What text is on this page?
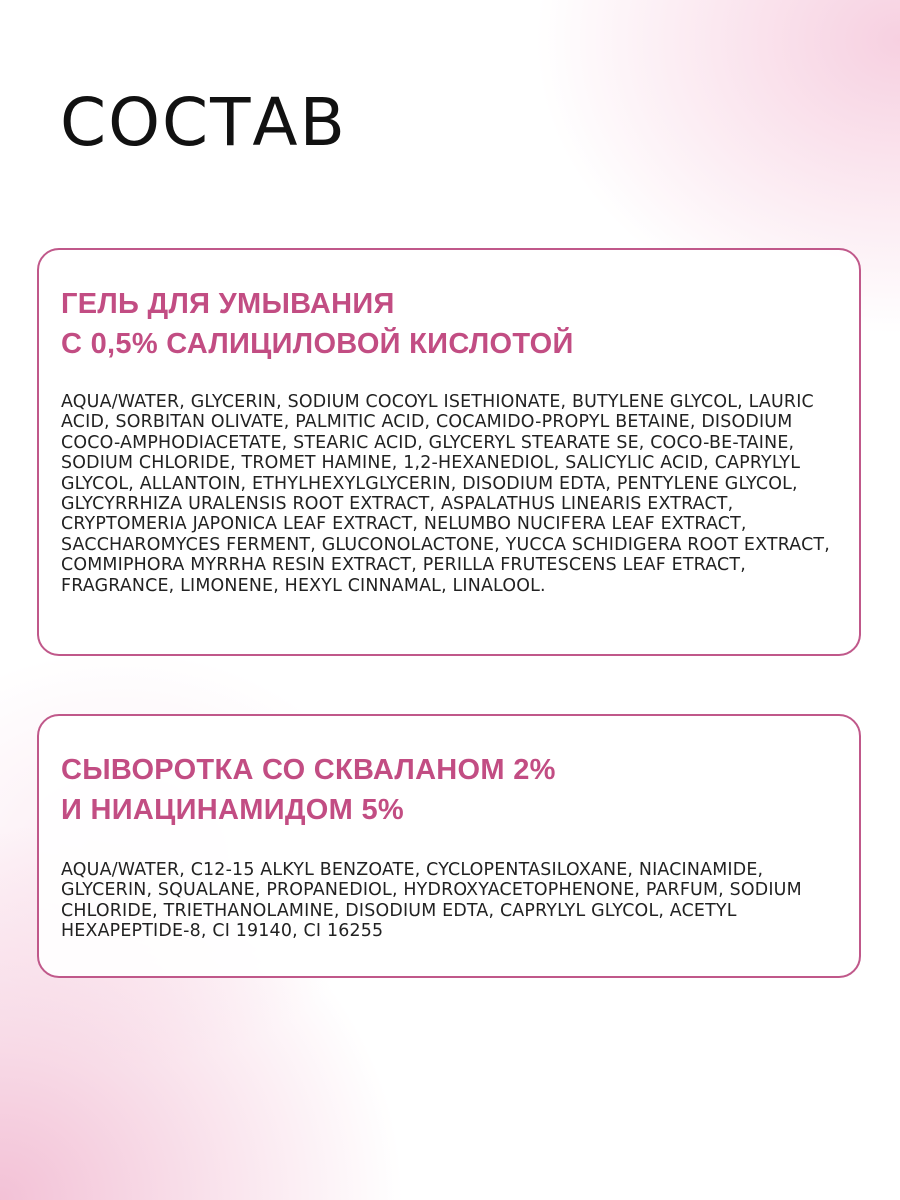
СОСТАВ
ГЕЛЬ ДЛЯ УМЫВАНИЯ
С 0,5% САЛИЦИЛОВОЙ КИСЛОТОЙ

AQUA/WATER, GLYCERIN, SODIUM COCOYL ISETHIONATE, BUTYLENE GLYCOL, LAURIC ACID, SORBITAN OLIVATE, PALMITIC ACID, COCAMIDO-PROPYL BETAINE, DISODIUM COCO-AMPHODIACETATE, STEARIC ACID, GLYCERYL STEARATE SE, COCO-BE-TAINE, SODIUM CHLORIDE, TROMET HAMINE, 1,2-HEXANEDIOL, SALICYLIC ACID, CAPRYLYL GLYCOL, ALLANTOIN, ETHYLHEXYLGLYCERIN, DISODIUM EDTA, PENTYLENE GLYCOL, GLYCYRRHIZA URALENSIS ROOT EXTRACT, ASPALATHUS LINEARIS EXTRACT, CRYPTOMERIA JAPONICA LEAF EXTRACT, NELUMBO NUCIFERA LEAF EXTRACT, SACCHAROMYCES FERMENT, GLUCONOLACTONE, YUCCA SCHIDIGERA ROOT EXTRACT, COMMIPHORA MYRRHA RESIN EXTRACT, PERILLA FRUTESCENS LEAF ETRACT, FRAGRANCE, LIMONENE, HEXYL CINNAMAL, LINALOOL.

СЫВОРОТКА СО СКВАЛАНОМ 2%
И НИАЦИНАМИДОМ 5%

AQUA/WATER, C12-15 ALKYL BENZOATE, CYCLOPENTASILOXANE, NIACINAMIDE, GLYCERIN, SQUALANE, PROPANEDIOL, HYDROXYACETOPHENONE, PARFUM, SODIUM CHLORIDE, TRIETHANOLAMINE, DISODIUM EDTA, CAPRYLYL GLYCOL, ACETYL HEXAPEPTIDE-8, CI 19140, CI 16255
